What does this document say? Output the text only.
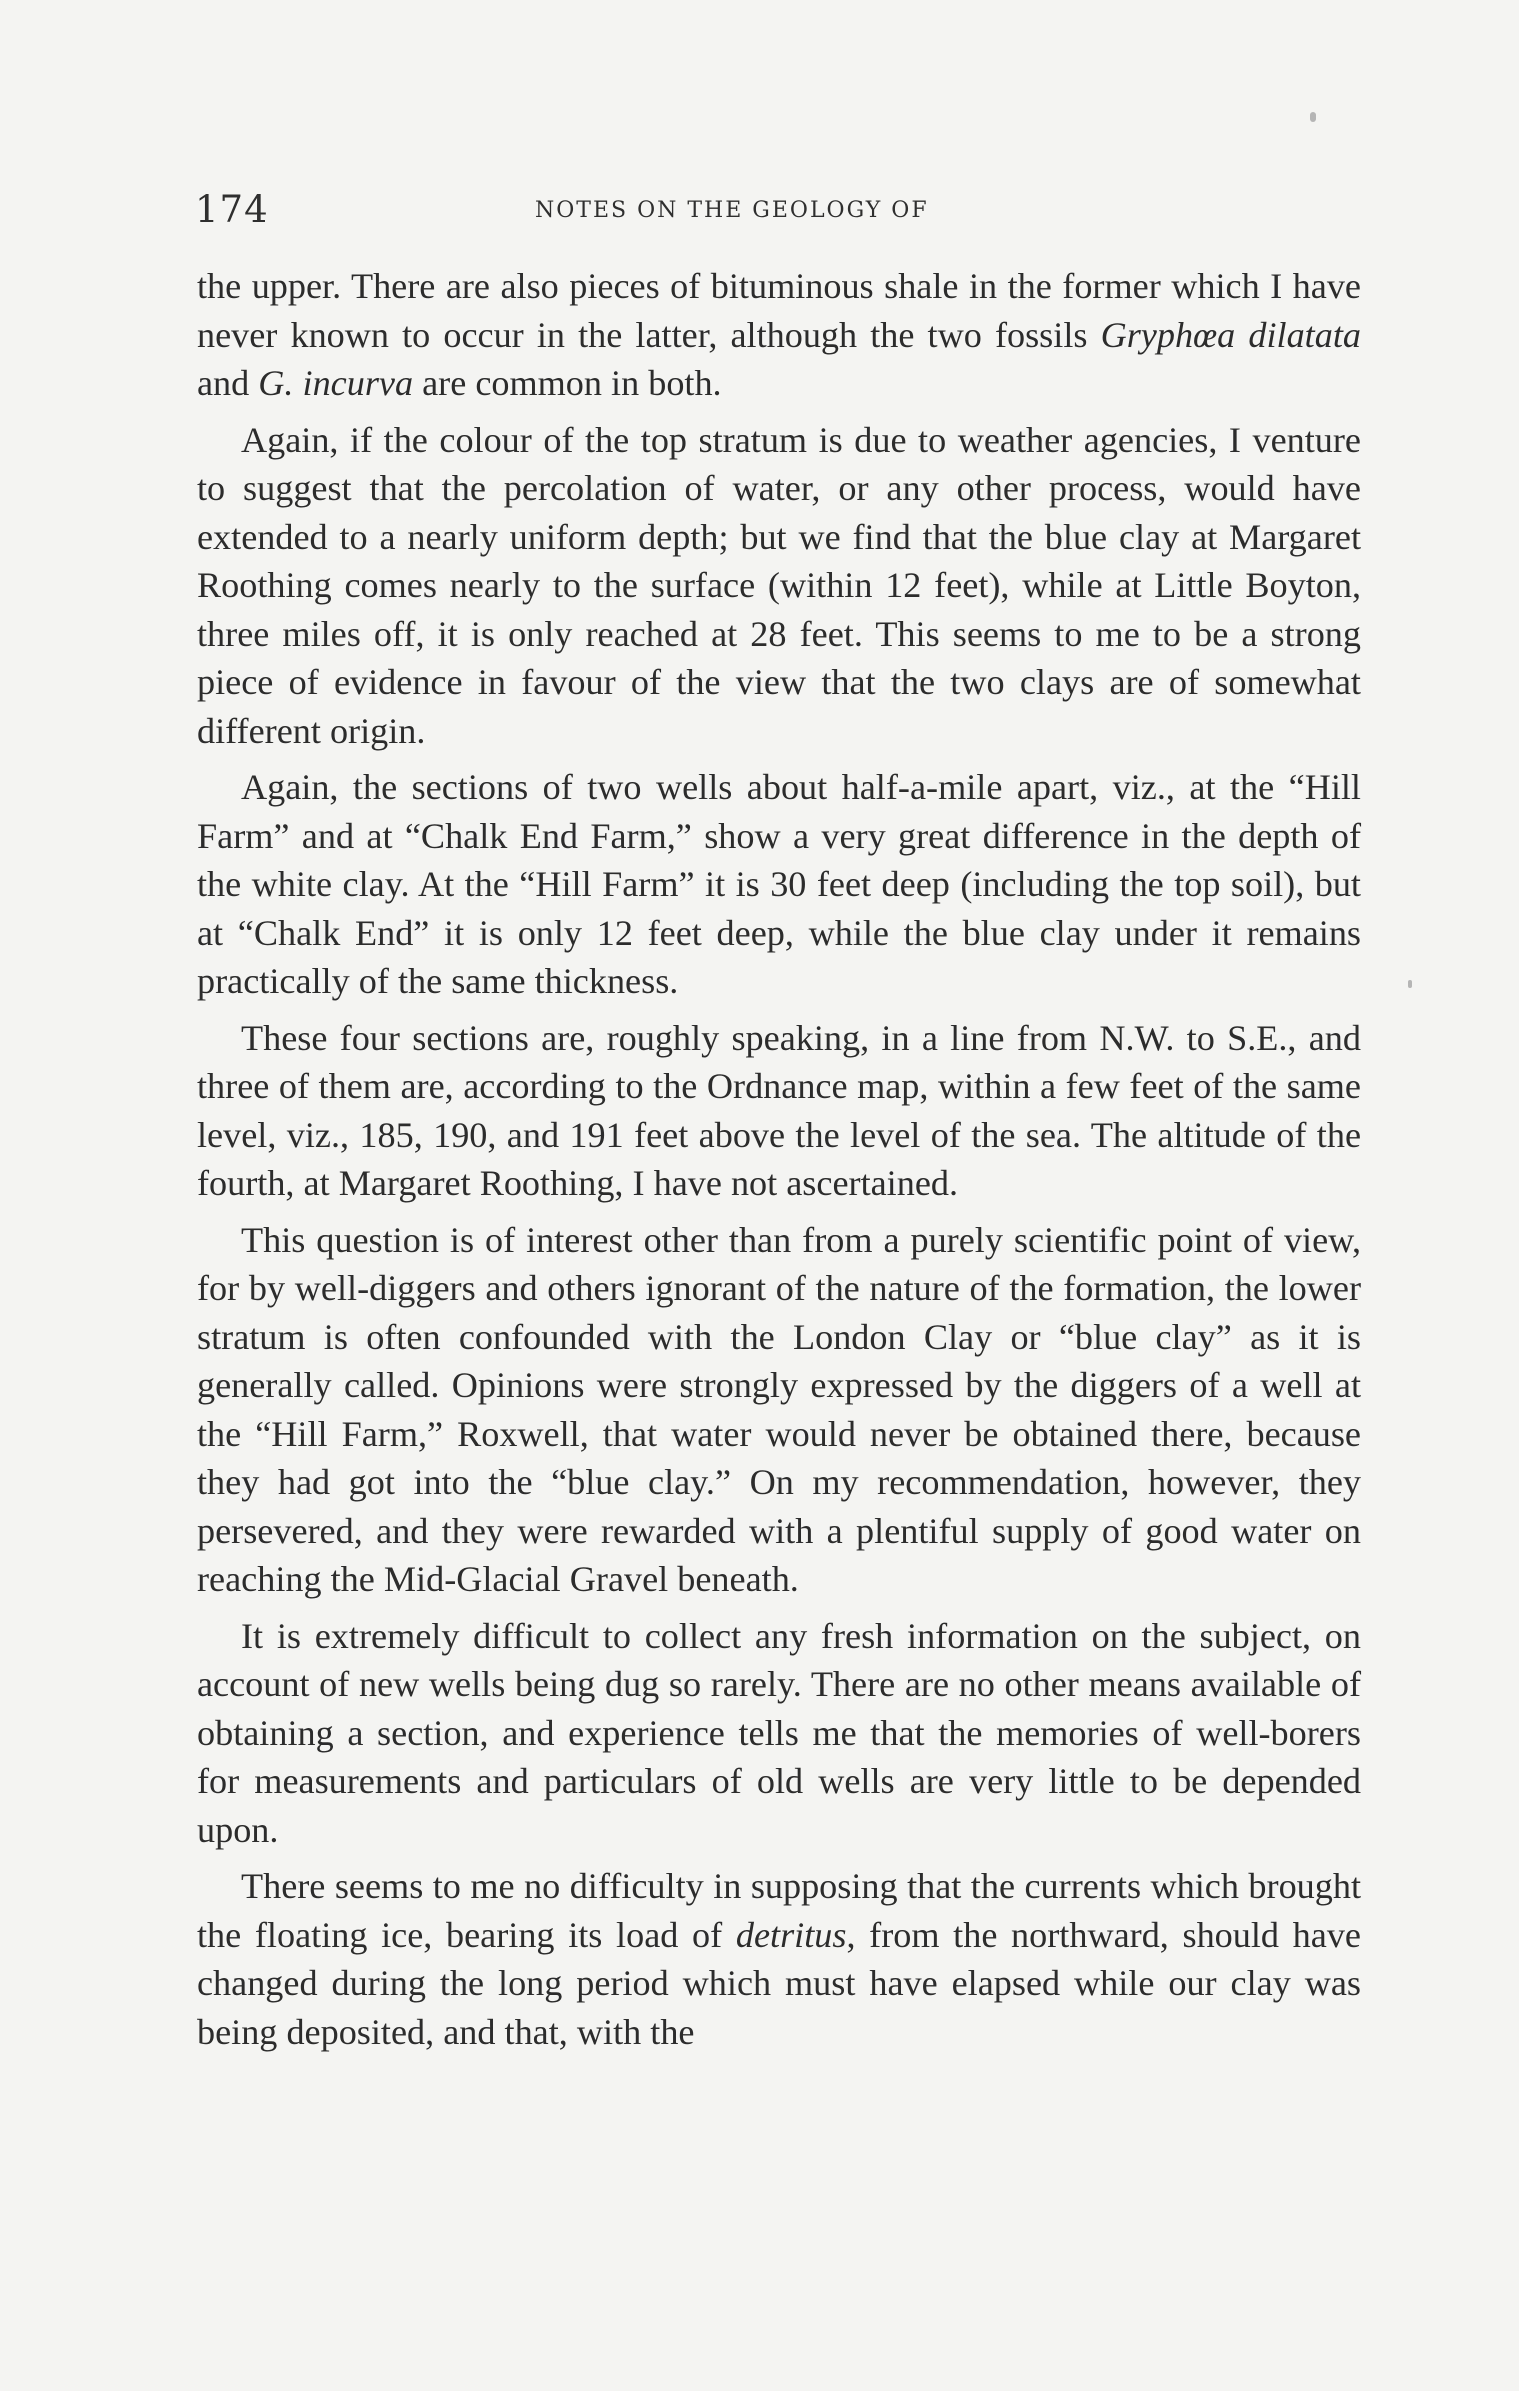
174	NOTES ON THE GEOLOGY OF

the upper. There are also pieces of bituminous shale in the former which I have never known to occur in the latter, although the two fossils Gryphœa dilatata and G. incurva are common in both.

Again, if the colour of the top stratum is due to weather agencies, I venture to suggest that the percolation of water, or any other process, would have extended to a nearly uniform depth; but we find that the blue clay at Margaret Roothing comes nearly to the surface (within 12 feet), while at Little Boyton, three miles off, it is only reached at 28 feet. This seems to me to be a strong piece of evidence in favour of the view that the two clays are of somewhat different origin.

Again, the sections of two wells about half-a-mile apart, viz., at the “Hill Farm” and at “Chalk End Farm,” show a very great difference in the depth of the white clay. At the “Hill Farm” it is 30 feet deep (including the top soil), but at “Chalk End” it is only 12 feet deep, while the blue clay under it remains practically of the same thickness.

These four sections are, roughly speaking, in a line from N.W. to S.E., and three of them are, according to the Ordnance map, within a few feet of the same level, viz., 185, 190, and 191 feet above the level of the sea. The altitude of the fourth, at Margaret Roothing, I have not ascertained.

This question is of interest other than from a purely scientific point of view, for by well-diggers and others ignorant of the nature of the formation, the lower stratum is often confounded with the London Clay or “blue clay” as it is generally called. Opinions were strongly expressed by the diggers of a well at the “Hill Farm,” Roxwell, that water would never be obtained there, because they had got into the “blue clay.” On my recommendation, however, they persevered, and they were rewarded with a plentiful supply of good water on reaching the Mid-Glacial Gravel beneath.

It is extremely difficult to collect any fresh information on the subject, on account of new wells being dug so rarely. There are no other means available of obtaining a section, and experience tells me that the memories of well-borers for measurements and particulars of old wells are very little to be depended upon.

There seems to me no difficulty in supposing that the currents which brought the floating ice, bearing its load of detritus, from the northward, should have changed during the long period which must have elapsed while our clay was being deposited, and that, with the
